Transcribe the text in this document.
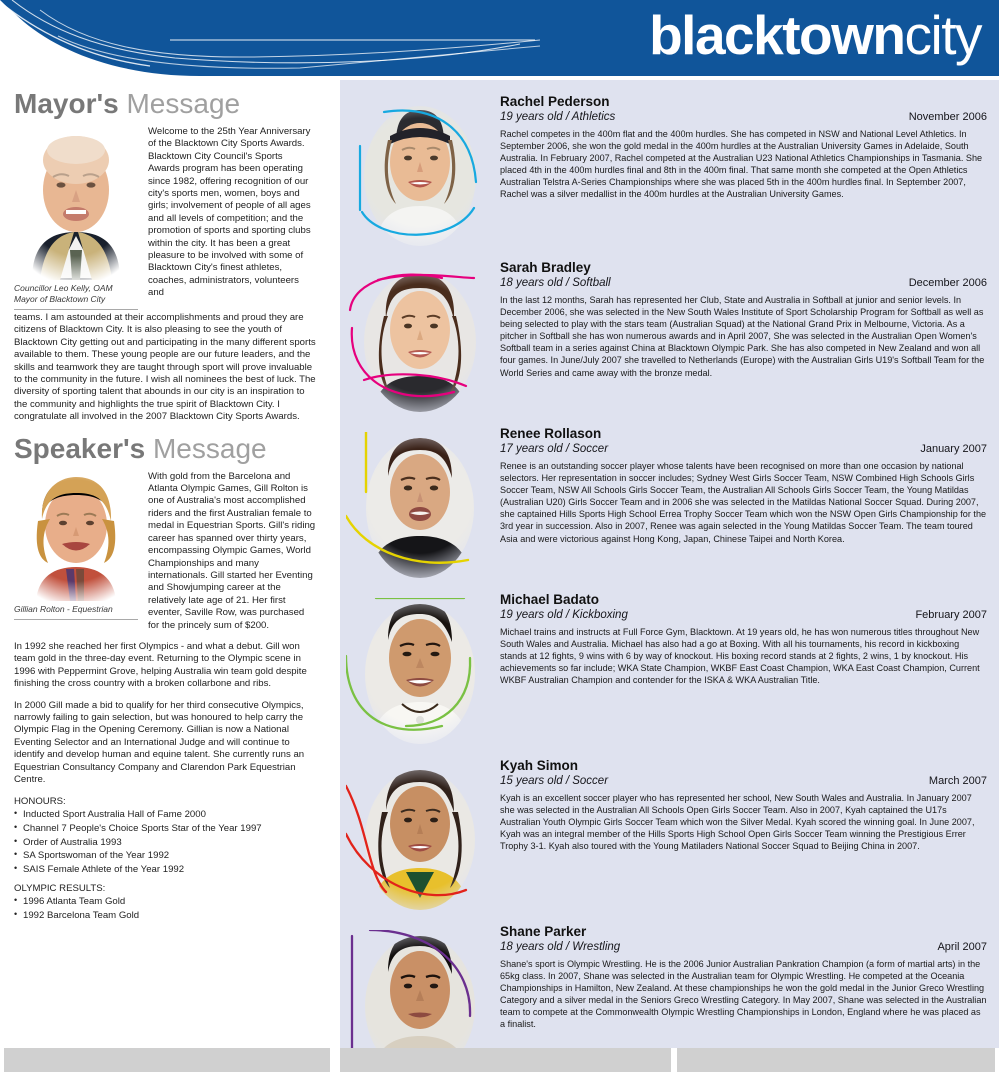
blacktowncity
Mayor's Message
Councillor Leo Kelly, OAM
Mayor of Blacktown City

Welcome to the 25th Year Anniversary of the Blacktown City Sports Awards. Blacktown City Council's Sports Awards program has been operating since 1982, offering recognition of our city's sports men, women, boys and girls; involvement of people of all ages and all levels of competition; and the promotion of sports and sporting clubs within the city. It has been a great pleasure to be involved with some of Blacktown City's finest athletes, coaches, administrators, volunteers and

teams. I am astounded at their accomplishments and proud they are citizens of Blacktown City. It is also pleasing to see the youth of Blacktown City getting out and participating in the many different sports available to them. These young people are our future leaders, and the skills and teamwork they are taught through sport will prove invaluable to the community in the future. I wish all nominees the best of luck. The diversity of sporting talent that abounds in our city is an inspiration to the community and highlights the true spirit of Blacktown City. I congratulate all involved in the 2007 Blacktown City Sports Awards.

Speaker's Message
Gillian Rolton - Equestrian

With gold from the Barcelona and Atlanta Olympic Games, Gill Rolton is one of Australia's most accomplished riders and the first Australian female to medal in Equestrian Sports. Gill's riding career has spanned over thirty years, encompassing Olympic Games, World Championships and many internationals. Gill started her Eventing and Showjumping career at the relatively late age of 21. Her first eventer, Saville Row, was purchased for the princely sum of $200.

In 1992 she reached her first Olympics - and what a debut. Gill won team gold in the three-day event. Returning to the Olympic scene in 1996 with Peppermint Grove, helping Australia win team gold despite finishing the cross country with a broken collarbone and ribs.

In 2000 Gill made a bid to qualify for her third consecutive Olympics, narrowly failing to gain selection, but was honoured to help carry the Olympic Flag in the Opening Ceremony. Gillian is now a National Eventing Selector and an International Judge and will continue to identify and develop human and equine talent. She currently runs an Equestrian Consultancy Company and Clarendon Park Equestrian Centre.

HONOURS:
• Inducted Sport Australia Hall of Fame 2000
• Channel 7 People's Choice Sports Star of the Year 1997
• Order of Australia 1993
• SA Sportswoman of the Year 1992
• SAIS Female Athlete of the Year 1992
OLYMPIC RESULTS:
• 1996 Atlanta Team Gold
• 1992 Barcelona Team Gold
Rachel Pederson
19 years old / Athletics	November 2006
Rachel competes in the 400m flat and the 400m hurdles. She has competed in NSW and National Level Athletics. In September 2006, she won the gold medal in the 400m hurdles at the Australian University Games in Adelaide, South Australia. In February 2007, Rachel competed at the Australian U23 National Athletics Championships in Tasmania. She placed 4th in the 400m hurdles final and 8th in the 400m final. That same month she competed at the Open Athletics Australian Telstra A-Series Championships where she was placed 5th in the 400m hurdles final. In September 2007, Rachel was a silver medallist in the 400m hurdles at the Australian University Games.
Sarah Bradley
18 years old / Softball	December 2006
In the last 12 months, Sarah has represented her Club, State and Australia in Softball at junior and senior levels. In December 2006, she was selected in the New South Wales Institute of Sport Scholarship Program for Softball as well as being selected to play with the stars team (Australian Squad) at the National Grand Prix in Melbourne, Victoria. As a pitcher in Softball she has won numerous awards and in April 2007, She was selected in the Australian Open Women's Softball team in a series against China at Blacktown Olympic Park. She has also competed in New Zealand and won all four games. In June/July 2007 she travelled to Netherlands (Europe) with the Australian Girls U19's Softball Team for the World Series and came away with the bronze medal.
Renee Rollason
17 years old / Soccer	January 2007
Renee is an outstanding soccer player whose talents have been recognised on more than one occasion by national selectors. Her representation in soccer includes; Sydney West Girls Soccer Team, NSW Combined High Schools Girls Soccer Team, NSW All Schools Girls Soccer Team, the Australian All Schools Girls Soccer Team, the Young Matildas (Australian U20) Girls Soccer Team and in 2006 she was selected in the Matildas National Soccer Squad. During 2007, she captained Hills Sports High School Errea Trophy Soccer Team which won the NSW Open Girls Championship for the 3rd year in succession. Also in 2007, Renee was again selected in the Young Matildas Soccer Team. The team toured Asia and were victorious against Hong Kong, Japan, Chinese Taipei and North Korea.
Michael Badato
19 years old / Kickboxing	February 2007
Michael trains and instructs at Full Force Gym, Blacktown. At 19 years old, he has won numerous titles throughout New South Wales and Australia. Michael has also had a go at Boxing. With all his tournaments, his record in kickboxing stands at 12 fights, 9 wins with 6 by way of knockout. His boxing record stands at 2 fights, 2 wins, 1 by knockout. His achievements so far include; WKA State Champion, WKBF East Coast Champion, WKA East Coast Champion, Current WKBF Australian Champion and contender for the ISKA & WKA Australian Title.
Kyah Simon
15 years old / Soccer	March 2007
Kyah is an excellent soccer player who has represented her school, New South Wales and Australia. In January 2007 she was selected in the Australian All Schools Open Girls Soccer Team. Also in 2007, Kyah captained the U17s Australian Youth Olympic Girls Soccer Team which won the Silver Medal. Kyah scored the winning goal. In June 2007, Kyah was an integral member of the Hills Sports High School Open Girls Soccer Team winning the Prestigious Errer Trophy 3-1. Kyah also toured with the Young Matiladers National Soccer Squad to Beijing China in 2007.
Shane Parker
18 years old / Wrestling	April 2007
Shane's sport is Olympic Wrestling. He is the 2006 Junior Australian Pankration Champion (a form of martial arts) in the 65kg class. In 2007, Shane was selected in the Australian team for Olympic Wrestling. He competed at the Oceania Championships in Hamilton, New Zealand. At these championships he won the gold medal in the Junior Greco Wrestling Category and a silver medal in the Seniors Greco Wrestling Category. In May 2007, Shane was selected in the Australian team to compete at the Commonwealth Olympic Wrestling Championships in London, England where he was placed as a finalist.
